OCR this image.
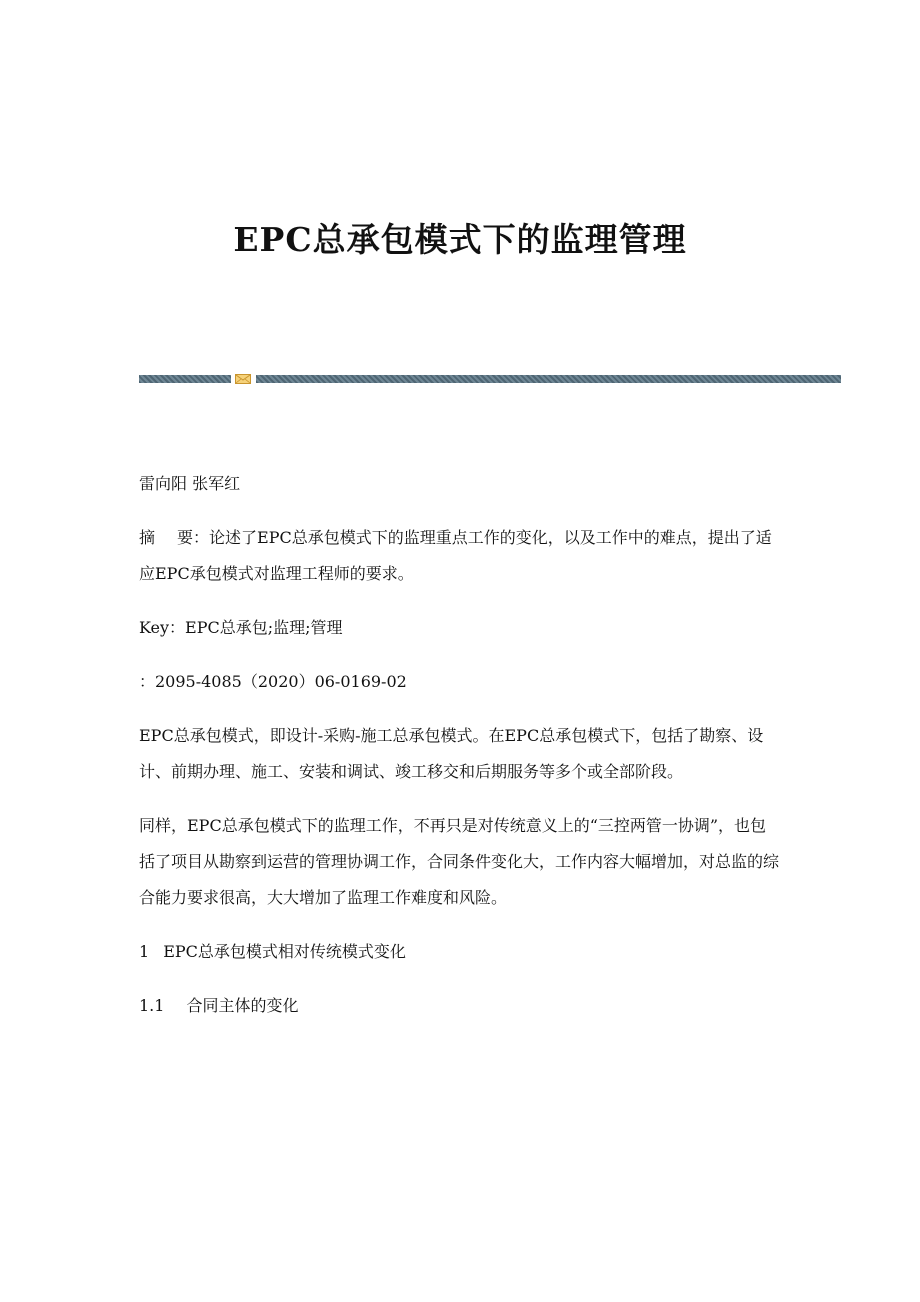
EPC总承包模式下的监理管理

雷向阳 张军红

摘 要：论述了EPC总承包模式下的监理重点工作的变化，以及工作中的难点，提出了适应EPC承包模式对监理工程师的要求。

Key：EPC总承包;监理;管理

：2095-4085（2020）06-0169-02

EPC总承包模式，即设计-采购-施工总承包模式。在EPC总承包模式下，包括了勘察、设计、前期办理、施工、安装和调试、竣工移交和后期服务等多个或全部阶段。

同样，EPC总承包模式下的监理工作，不再只是对传统意义上的“三控两管一协调”，也包括了项目从勘察到运营的管理协调工作，合同条件变化大，工作内容大幅增加，对总监的综合能力要求很高，大大增加了监理工作难度和风险。

1 EPC总承包模式相对传统模式变化

1.1 合同主体的变化
